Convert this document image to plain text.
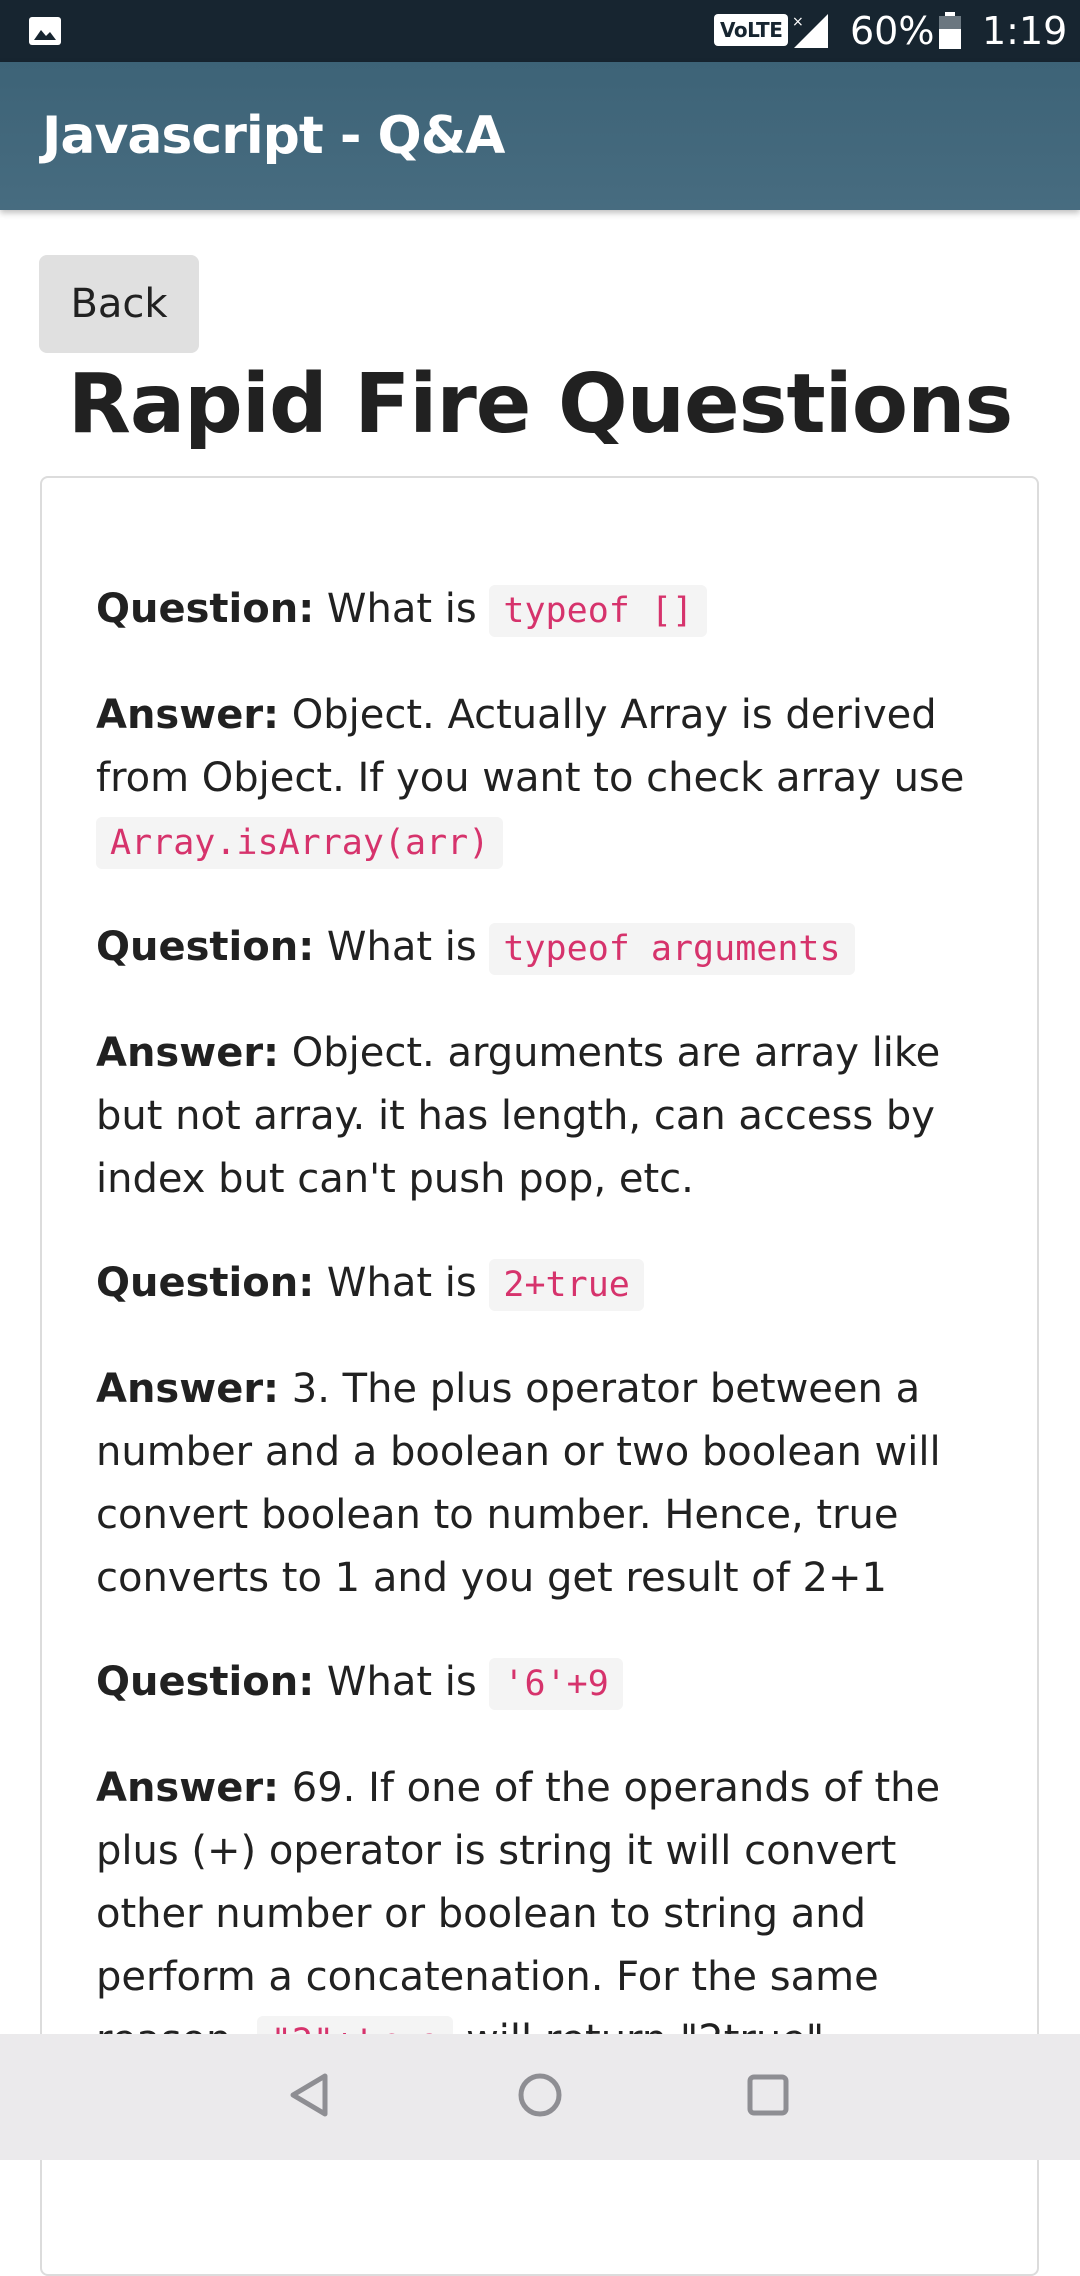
VoLTE × 60% 1:19
Javascript - Q&A
Back
Rapid Fire Questions

Question: What is typeof []

Answer: Object. Actually Array is derived from Object. If you want to check array use Array.isArray(arr)

Question: What is typeof arguments

Answer: Object. arguments are array like but not array. it has length, can access by index but can't push pop, etc.

Question: What is 2+true

Answer: 3. The plus operator between a number and a boolean or two boolean will convert boolean to number. Hence, true converts to 1 and you get result of 2+1

Question: What is '6'+9

Answer: 69. If one of the operands of the plus (+) operator is string it will convert other number or boolean to string and perform a concatenation. For the same
